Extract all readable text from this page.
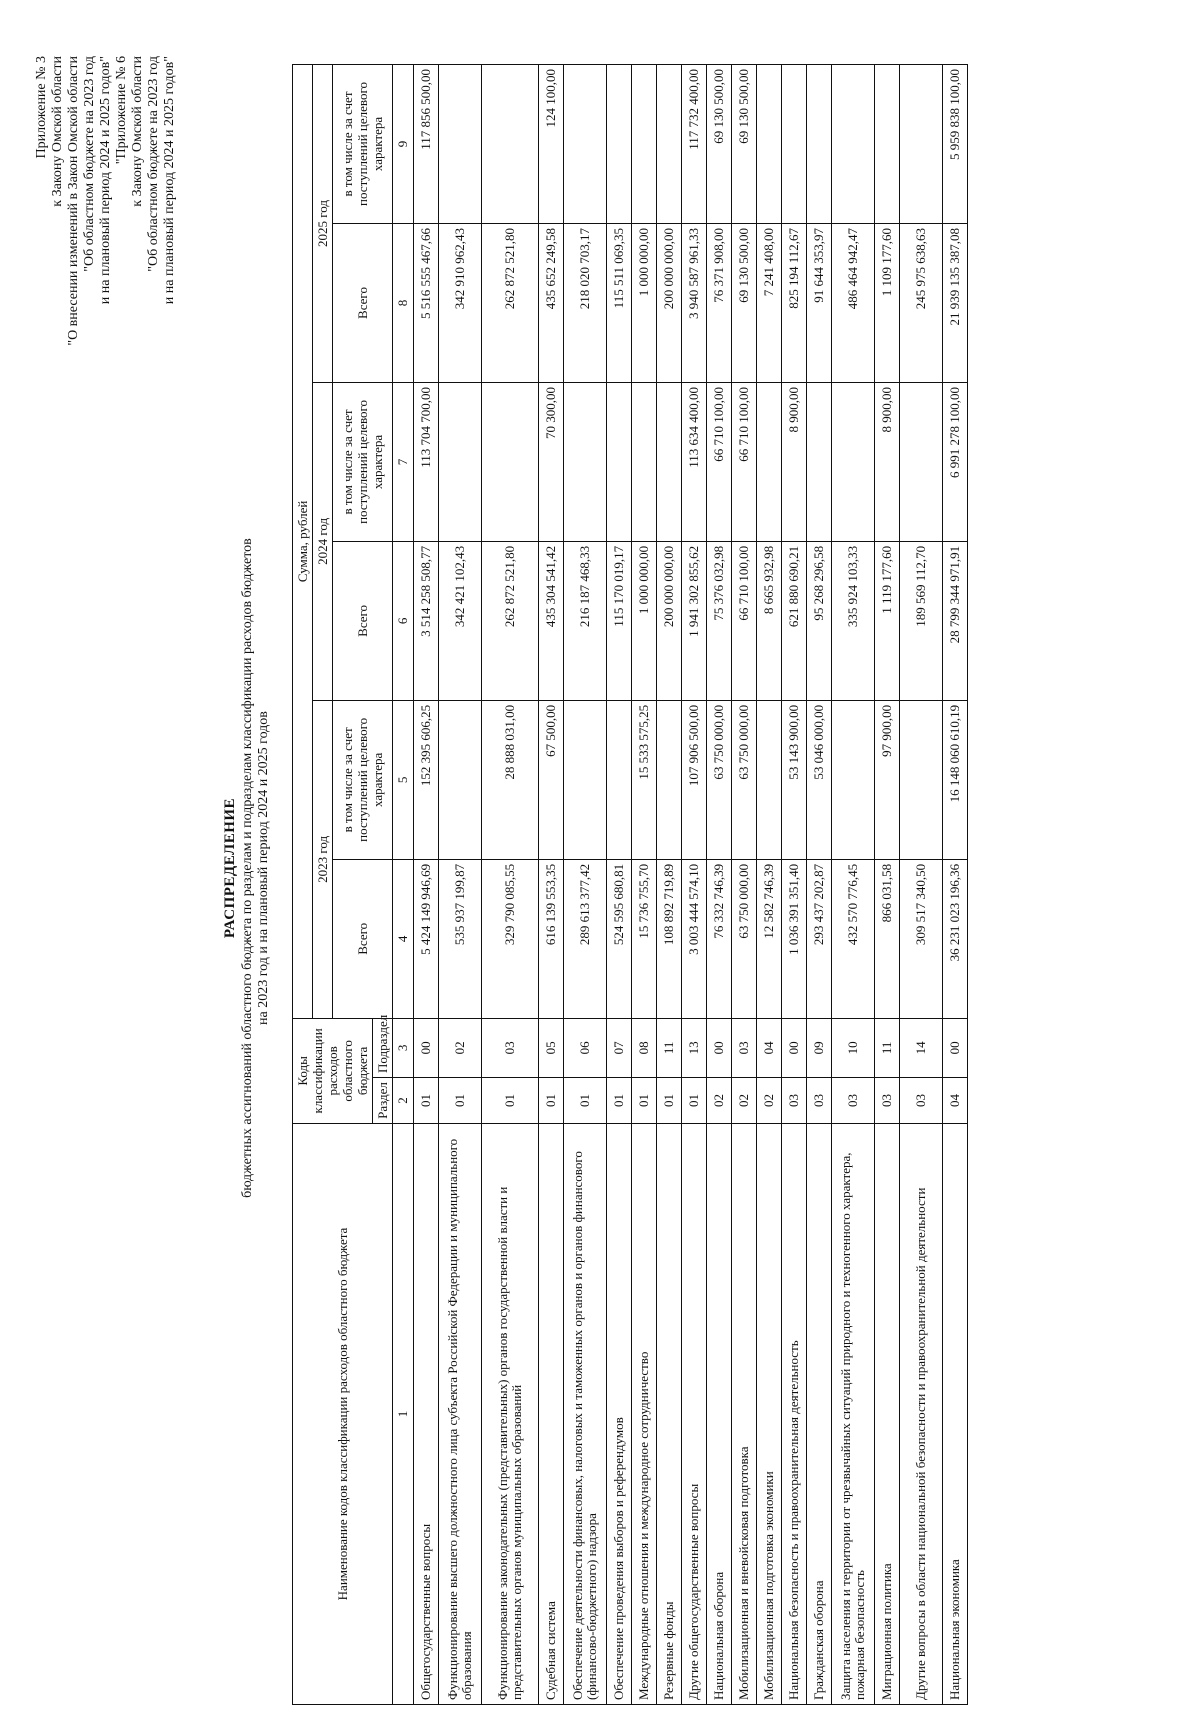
Приложение № 3 к Закону Омской области "О внесении изменений в Закон Омской области "Об областном бюджете на 2023 год и на плановый период 2024 и 2025 годов" "Приложение № 6 к Закону Омской области "Об областном бюджете на 2023 год и на плановый период 2024 и 2025 годов"
РАСПРЕДЕЛЕНИЕ бюджетных ассигнований областного бюджета по разделам и подразделам классификации расходов бюджетов на 2023 год и на плановый период 2024 и 2025 годов
Наименование кодов классификации расходов областного бюджета	Коды классификации расходов областного бюджета		Сумма, рублей					
			2023 год		2024 год		2025 год	
			Всего	в том числе за счет поступлений целевого характера	Всего	в том числе за счет поступлений целевого характера	Всего	в том числе за счет поступлений целевого характера
	Раздел	Подраздел						
1	2	3	4	5	6	7	8	9
Общегосударственные вопросы	01	00	5 424 149 946,69	152 395 606,25	3 514 258 508,77	113 704 700,00	5 516 555 467,66	117 856 500,00
Функционирование высшего должностного лица субъекта Российской Федерации и муниципального образования	01	02	535 937 199,87		342 421 102,43		342 910 962,43	
Функционирование законодательных (представительных) органов государственной власти и представительных органов муниципальных образований	01	03	329 790 085,55	28 888 031,00	262 872 521,80		262 872 521,80	
Судебная система	01	05	616 139 553,35	67 500,00	435 304 541,42	70 300,00	435 652 249,58	124 100,00
Обеспечение деятельности финансовых, налоговых и таможенных органов и органов финансового (финансово-бюджетного) надзора	01	06	289 613 377,42		216 187 468,33		218 020 703,17	
Обеспечение проведения выборов и референдумов	01	07	524 595 680,81		115 170 019,17		115 511 069,35	
Международные отношения и международное сотрудничество	01	08	15 736 755,70	15 533 575,25	1 000 000,00		1 000 000,00	
Резервные фонды	01	11	108 892 719,89		200 000 000,00		200 000 000,00	
Другие общегосударственные вопросы	01	13	3 003 444 574,10	107 906 500,00	1 941 302 855,62	113 634 400,00	3 940 587 961,33	117 732 400,00
Национальная оборона	02	00	76 332 746,39	63 750 000,00	75 376 032,98	66 710 100,00	76 371 908,00	69 130 500,00
Мобилизационная и вневойсковая подготовка	02	03	63 750 000,00	63 750 000,00	66 710 100,00	66 710 100,00	69 130 500,00	69 130 500,00
Мобилизационная подготовка экономики	02	04	12 582 746,39		8 665 932,98		7 241 408,00	
Национальная безопасность и правоохранительная деятельность	03	00	1 036 391 351,40	53 143 900,00	621 880 690,21	8 900,00	825 194 112,67	
Гражданская оборона	03	09	293 437 202,87	53 046 000,00	95 268 296,58		91 644 353,97	
Защита населения и территории от чрезвычайных ситуаций природного и техногенного характера, пожарная безопасность	03	10	432 570 776,45		335 924 103,33		486 464 942,47	
Миграционная политика	03	11	866 031,58	97 900,00	1 119 177,60	8 900,00	1 109 177,60	
Другие вопросы в области национальной безопасности и правоохранительной деятельности	03	14	309 517 340,50		189 569 112,70		245 975 638,63	
Национальная экономика	04	00	36 231 023 196,36	16 148 060 610,19	28 799 344 971,91	6 991 278 100,00	21 939 135 387,08	5 959 838 100,00
